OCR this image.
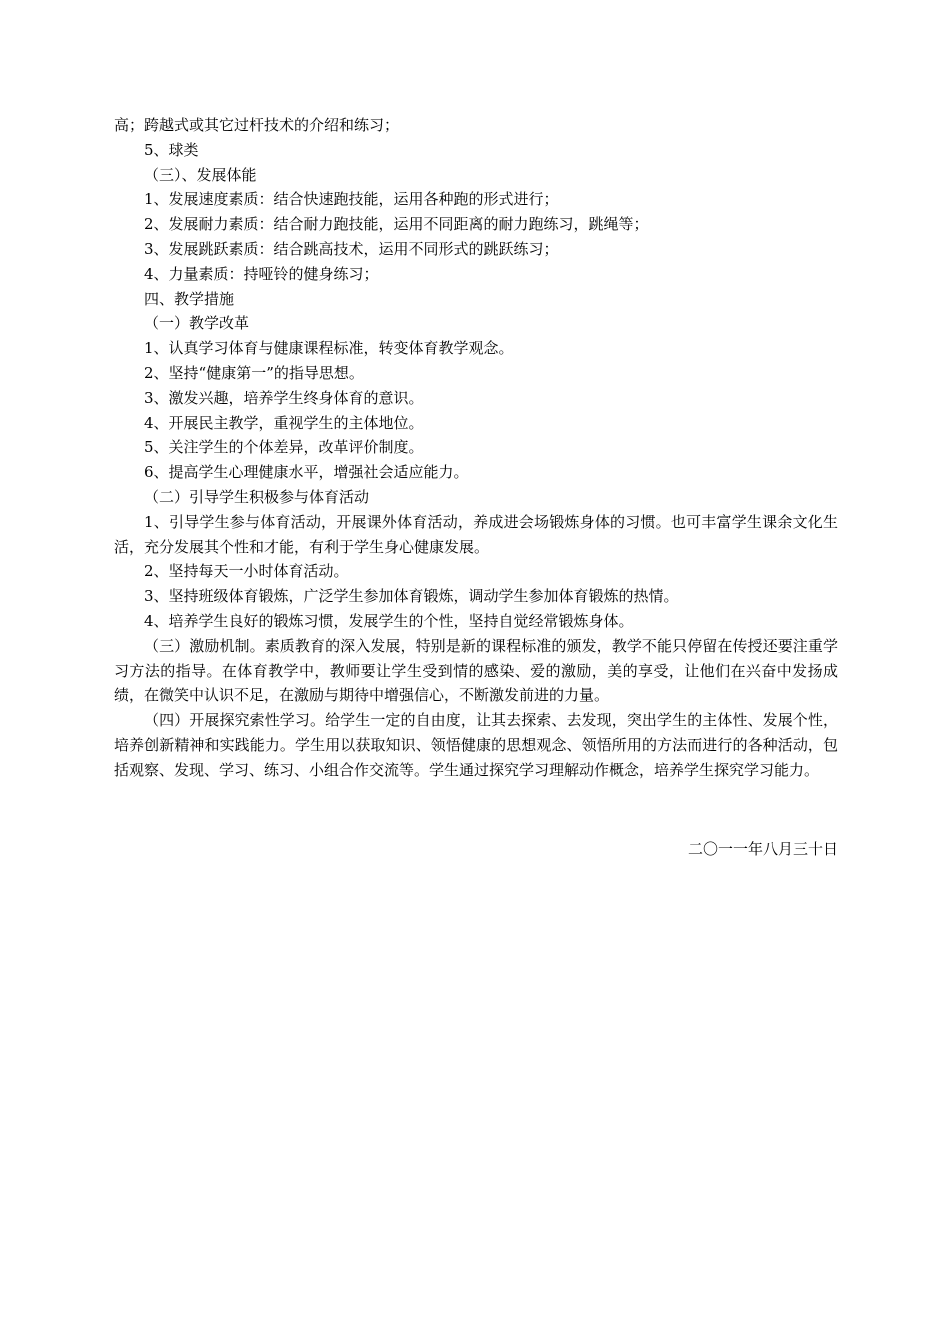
高；跨越式或其它过杆技术的介绍和练习；
5、球类
（三）、发展体能
1、发展速度素质：结合快速跑技能，运用各种跑的形式进行；
2、发展耐力素质：结合耐力跑技能，运用不同距离的耐力跑练习，跳绳等；
3、发展跳跃素质：结合跳高技术，运用不同形式的跳跃练习；
4、力量素质：持哑铃的健身练习；
四、教学措施
（一）教学改革
1、认真学习体育与健康课程标准，转变体育教学观念。
2、坚持“健康第一”的指导思想。
3、激发兴趣，培养学生终身体育的意识。
4、开展民主教学，重视学生的主体地位。
5、关注学生的个体差异，改革评价制度。
6、提高学生心理健康水平，增强社会适应能力。
（二）引导学生积极参与体育活动
1、引导学生参与体育活动，开展课外体育活动，养成进会场锻炼身体的习惯。也可丰富学生课余文化生活，充分发展其个性和才能，有利于学生身心健康发展。
2、坚持每天一小时体育活动。
3、坚持班级体育锻炼，广泛学生参加体育锻炼，调动学生参加体育锻炼的热情。
4、培养学生良好的锻炼习惯，发展学生的个性，坚持自觉经常锻炼身体。
（三）激励机制。素质教育的深入发展，特别是新的课程标准的颁发，教学不能只停留在传授还要注重学习方法的指导。在体育教学中，教师要让学生受到情的感染、爱的激励，美的享受，让他们在兴奋中发扬成绩，在微笑中认识不足，在激励与期待中增强信心，不断激发前进的力量。
（四）开展探究索性学习。给学生一定的自由度，让其去探索、去发现，突出学生的主体性、发展个性，培养创新精神和实践能力。学生用以获取知识、领悟健康的思想观念、领悟所用的方法而进行的各种活动，包括观察、发现、学习、练习、小组合作交流等。学生通过探究学习理解动作概念，培养学生探究学习能力。
二〇一一年八月三十日
